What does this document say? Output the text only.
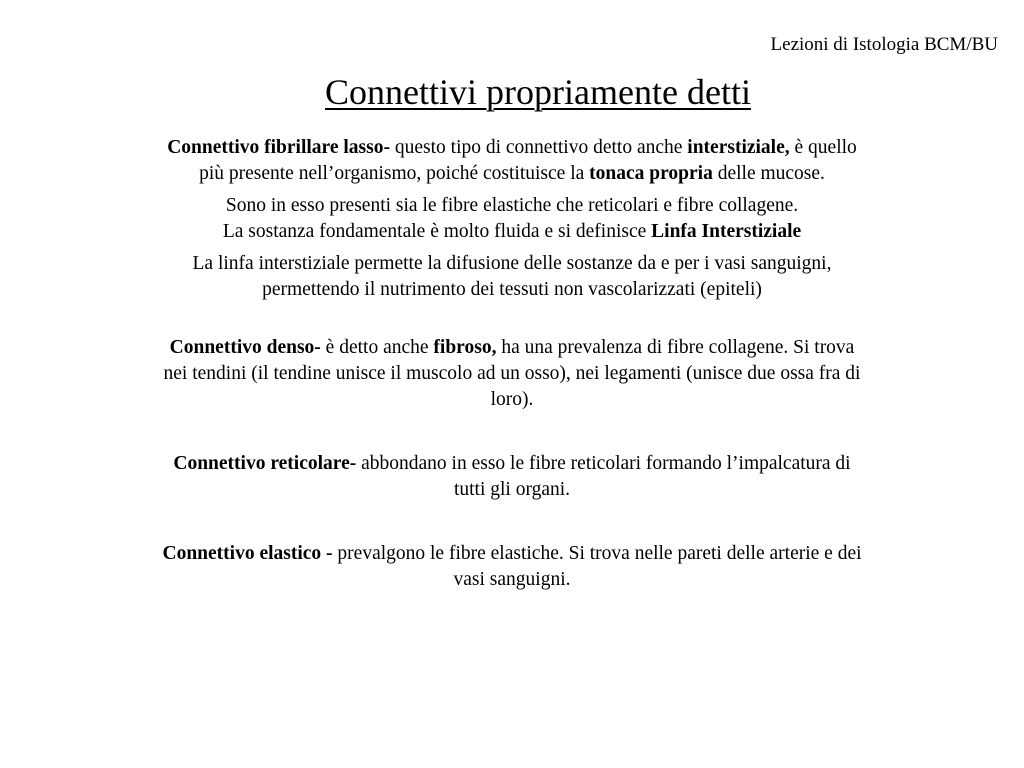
Lezioni di Istologia BCM/BU
Connettivi propriamente detti

Connettivo fibrillare lasso- questo tipo di connettivo detto anche interstiziale, è quello più presente nell’organismo, poiché costituisce la tonaca propria delle mucose.

Sono in esso presenti sia le fibre elastiche che reticolari e fibre collagene.
La sostanza fondamentale è molto fluida e si definisce Linfa Interstiziale

La linfa interstiziale permette la difusione delle sostanze da e per i vasi sanguigni, permettendo il nutrimento dei tessuti non vascolarizzati (epiteli)

Connettivo denso- è detto anche fibroso, ha una prevalenza di fibre collagene. Si trova nei tendini (il tendine unisce il muscolo ad un osso), nei legamenti (unisce due ossa fra di loro).

Connettivo reticolare- abbondano in esso le fibre reticolari formando l’impalcatura di tutti gli organi.

Connettivo elastico - prevalgono le fibre elastiche. Si trova nelle pareti delle arterie e dei vasi sanguigni.
